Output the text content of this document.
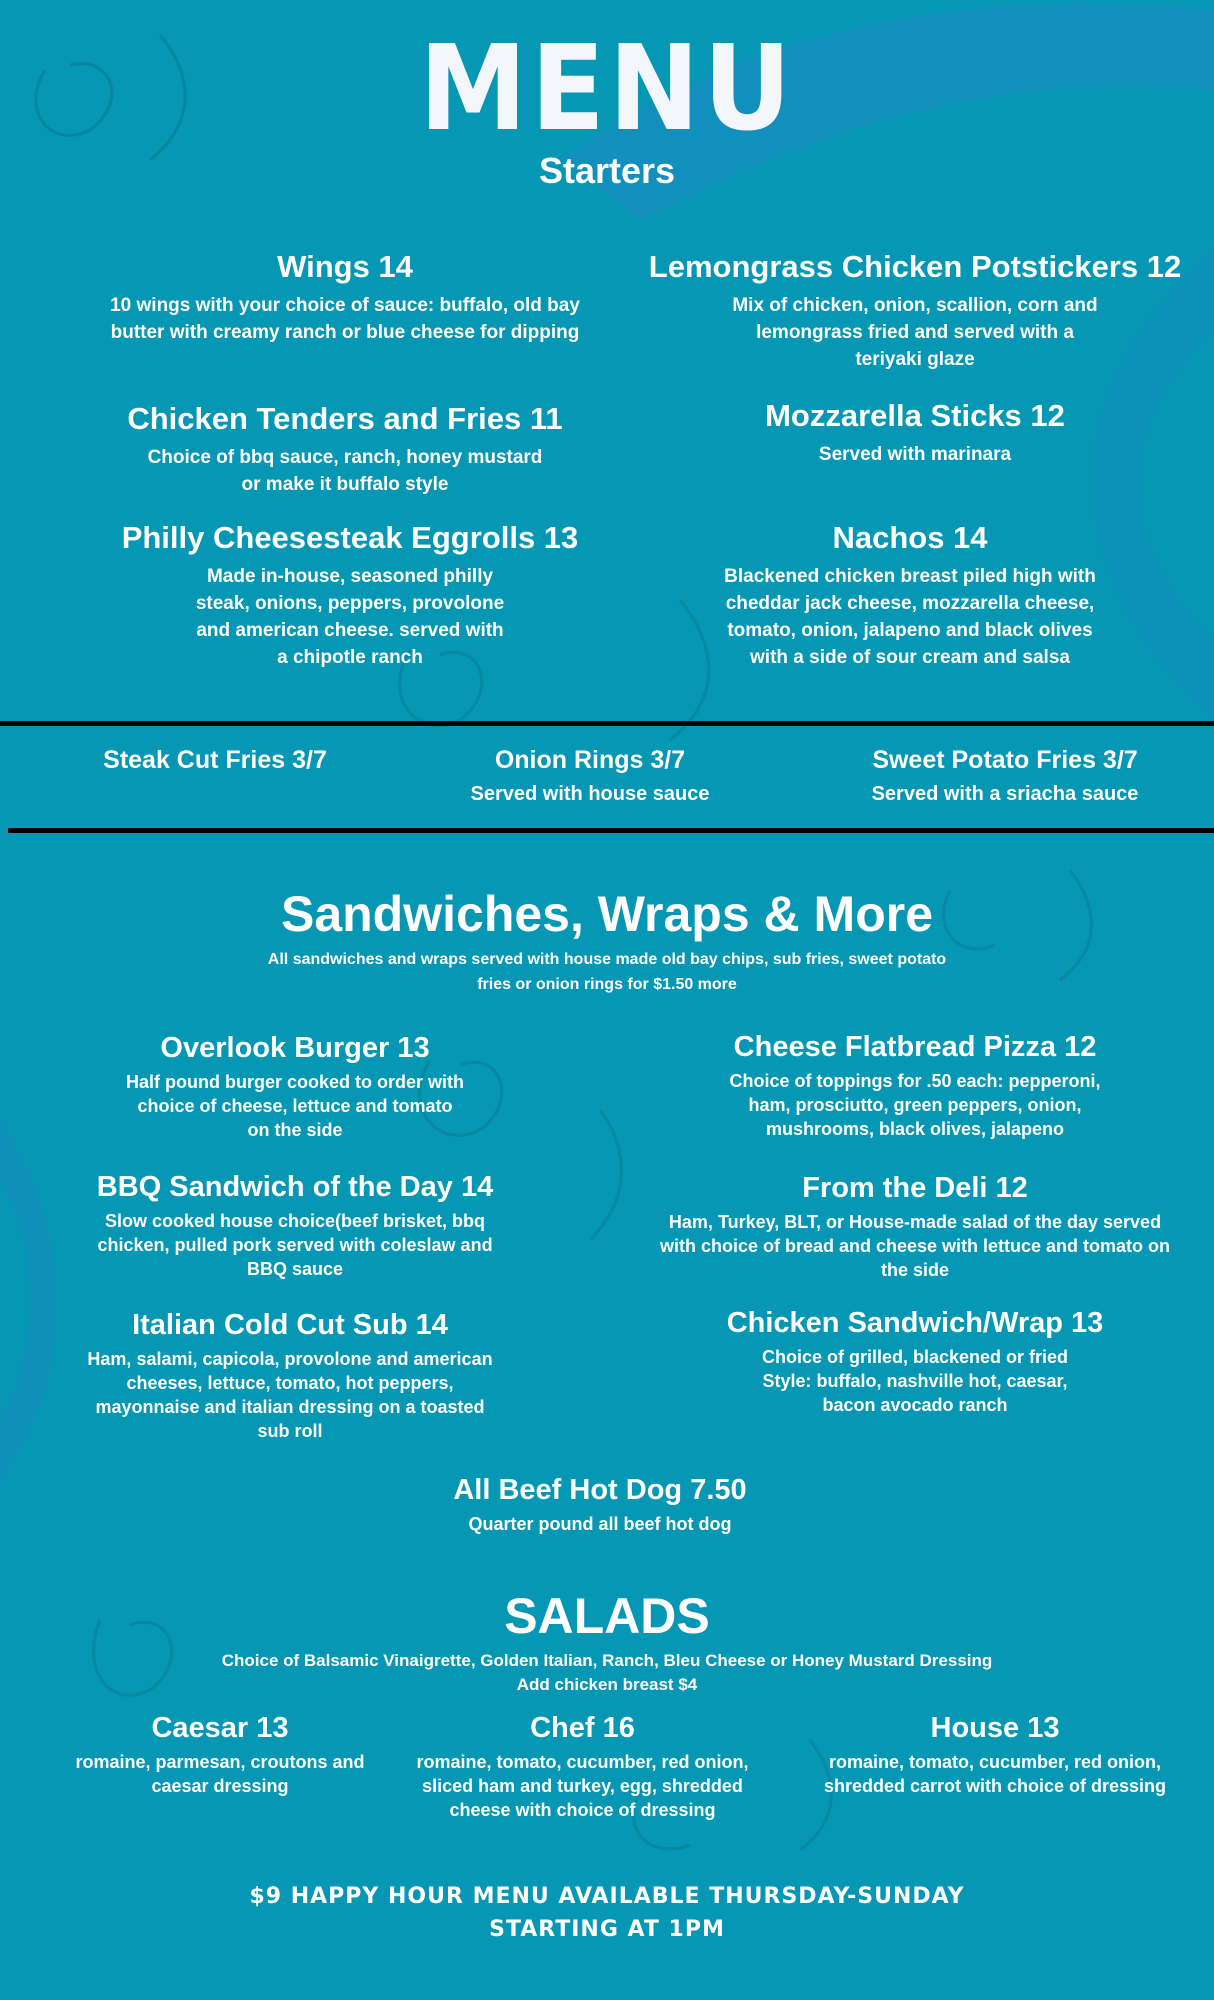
MENU
Starters
Wings 14
10 wings with your choice of sauce: buffalo, old bay butter with creamy ranch or blue cheese for dipping
Lemongrass Chicken Potstickers 12
Mix of chicken, onion, scallion, corn and lemongrass fried and served with a teriyaki glaze
Chicken Tenders and Fries 11
Choice of bbq sauce, ranch, honey mustard or make it buffalo style
Mozzarella Sticks 12
Served with marinara
Philly Cheesesteak Eggrolls 13
Made in-house, seasoned philly steak, onions, peppers, provolone and american cheese. served with a chipotle ranch
Nachos 14
Blackened chicken breast piled high with cheddar jack cheese, mozzarella cheese, tomato, onion, jalapeno and black olives with a side of sour cream and salsa
Steak Cut Fries 3/7	Onion Rings 3/7
Served with house sauce
Sweet Potato Fries 3/7
Served with a sriacha sauce
Sandwiches, Wraps & More
All sandwiches and wraps served with house made old bay chips, sub fries, sweet potato fries or onion rings for $1.50 more
Overlook Burger 13
Half pound burger cooked to order with choice of cheese, lettuce and tomato on the side
Cheese Flatbread Pizza 12
Choice of toppings for .50 each: pepperoni, ham, prosciutto, green peppers, onion, mushrooms, black olives, jalapeno
BBQ Sandwich of the Day 14
Slow cooked house choice(beef brisket, bbq chicken, pulled pork served with coleslaw and BBQ sauce
From the Deli 12
Ham, Turkey, BLT, or House-made salad of the day served with choice of bread and cheese with lettuce and tomato on the side
Italian Cold Cut Sub 14
Ham, salami, capicola, provolone and american cheeses, lettuce, tomato, hot peppers, mayonnaise and italian dressing on a toasted sub roll
Chicken Sandwich/Wrap 13
Choice of grilled, blackened or fried Style: buffalo, nashville hot, caesar, bacon avocado ranch
All Beef Hot Dog 7.50
Quarter pound all beef hot dog
SALADS
Choice of Balsamic Vinaigrette, Golden Italian, Ranch, Bleu Cheese or Honey Mustard Dressing
Add chicken breast $4
Caesar 13
romaine, parmesan, croutons and caesar dressing
Chef 16
romaine, tomato, cucumber, red onion, sliced ham and turkey, egg, shredded cheese with choice of dressing
House 13
romaine, tomato, cucumber, red onion, shredded carrot with choice of dressing
$9 HAPPY HOUR MENU AVAILABLE THURSDAY-SUNDAY
STARTING AT 1PM
